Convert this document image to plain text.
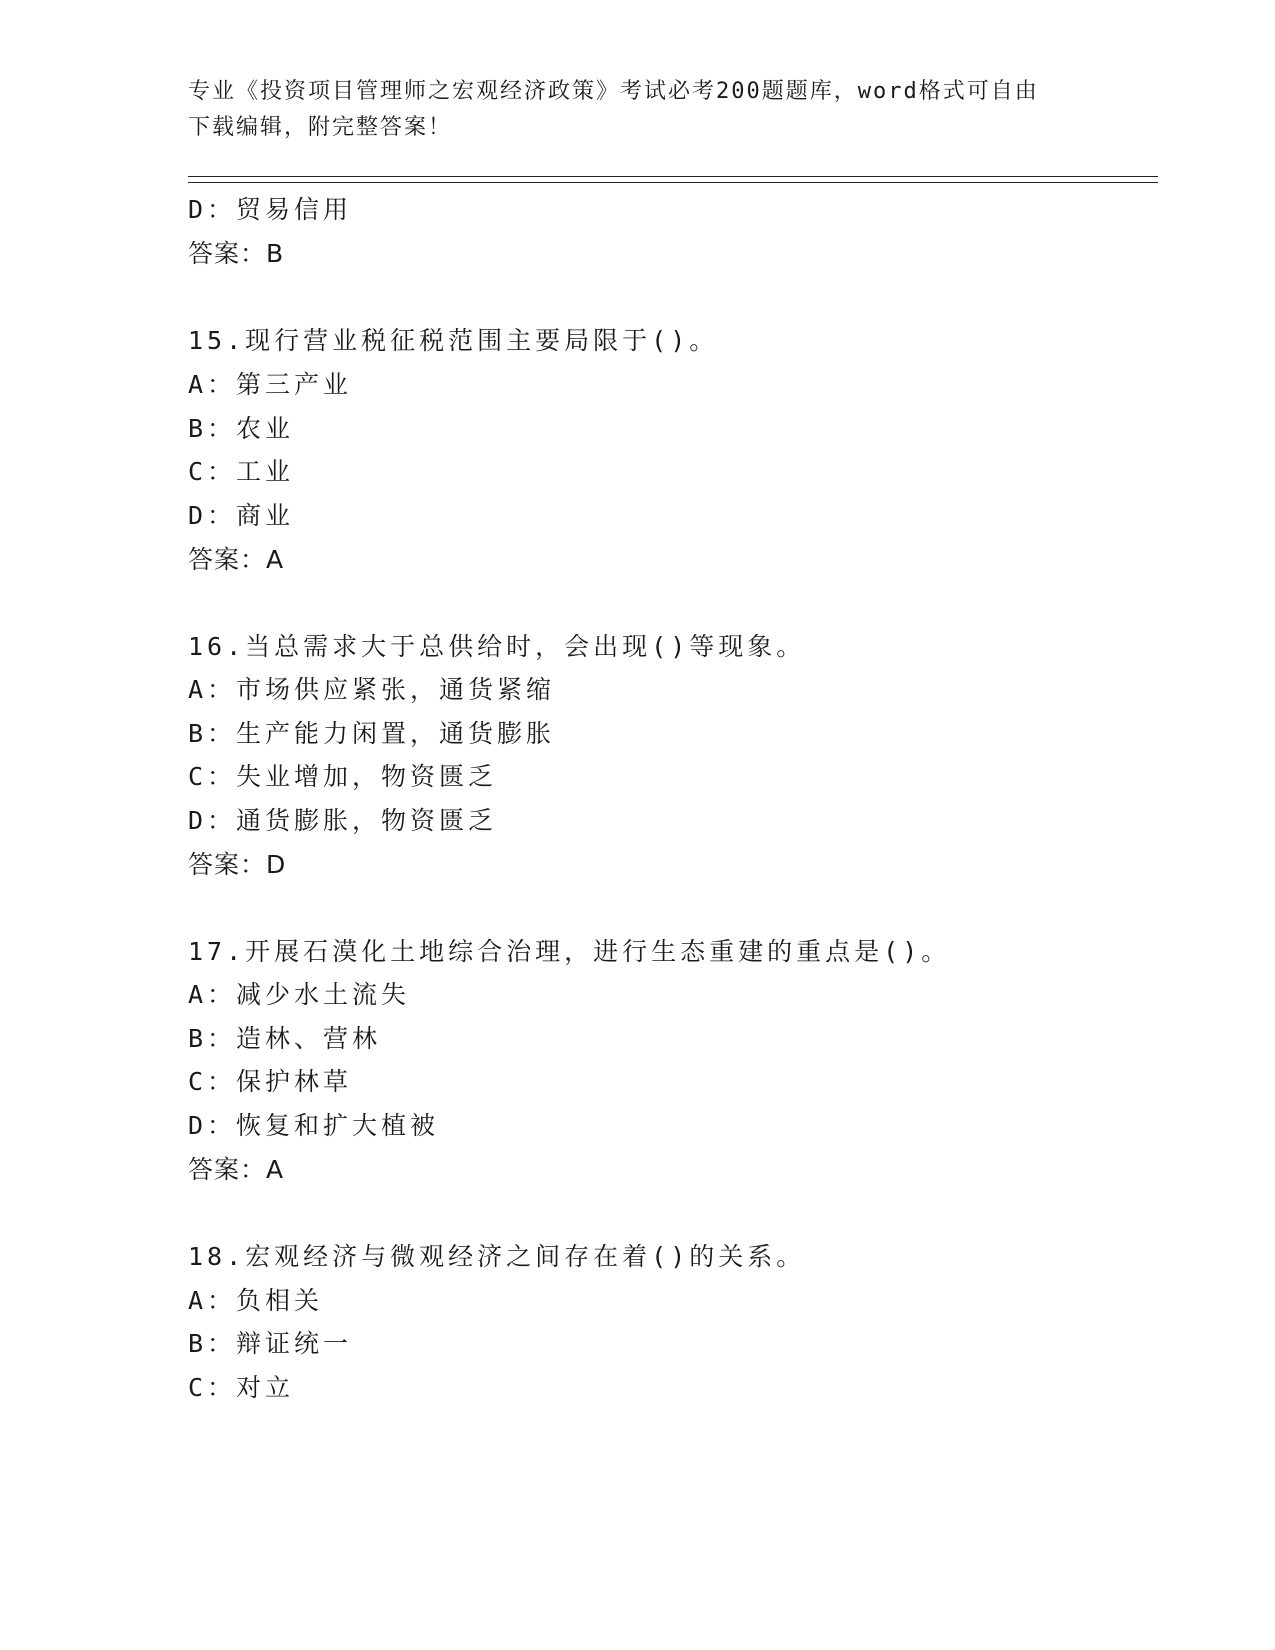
专业《投资项目管理师之宏观经济政策》考试必考200题题库，word格式可自由
下载编辑，附完整答案！
D：贸易信用
答案：B
15.现行营业税征税范围主要局限于()。
A：第三产业
B：农业
C：工业
D：商业
答案：A
16.当总需求大于总供给时，会出现()等现象。
A：市场供应紧张，通货紧缩
B：生产能力闲置，通货膨胀
C：失业增加，物资匮乏
D：通货膨胀，物资匮乏
答案：D
17.开展石漠化土地综合治理，进行生态重建的重点是()。
A：减少水土流失
B：造林、营林
C：保护林草
D：恢复和扩大植被
答案：A
18.宏观经济与微观经济之间存在着()的关系。
A：负相关
B：辩证统一
C：对立
